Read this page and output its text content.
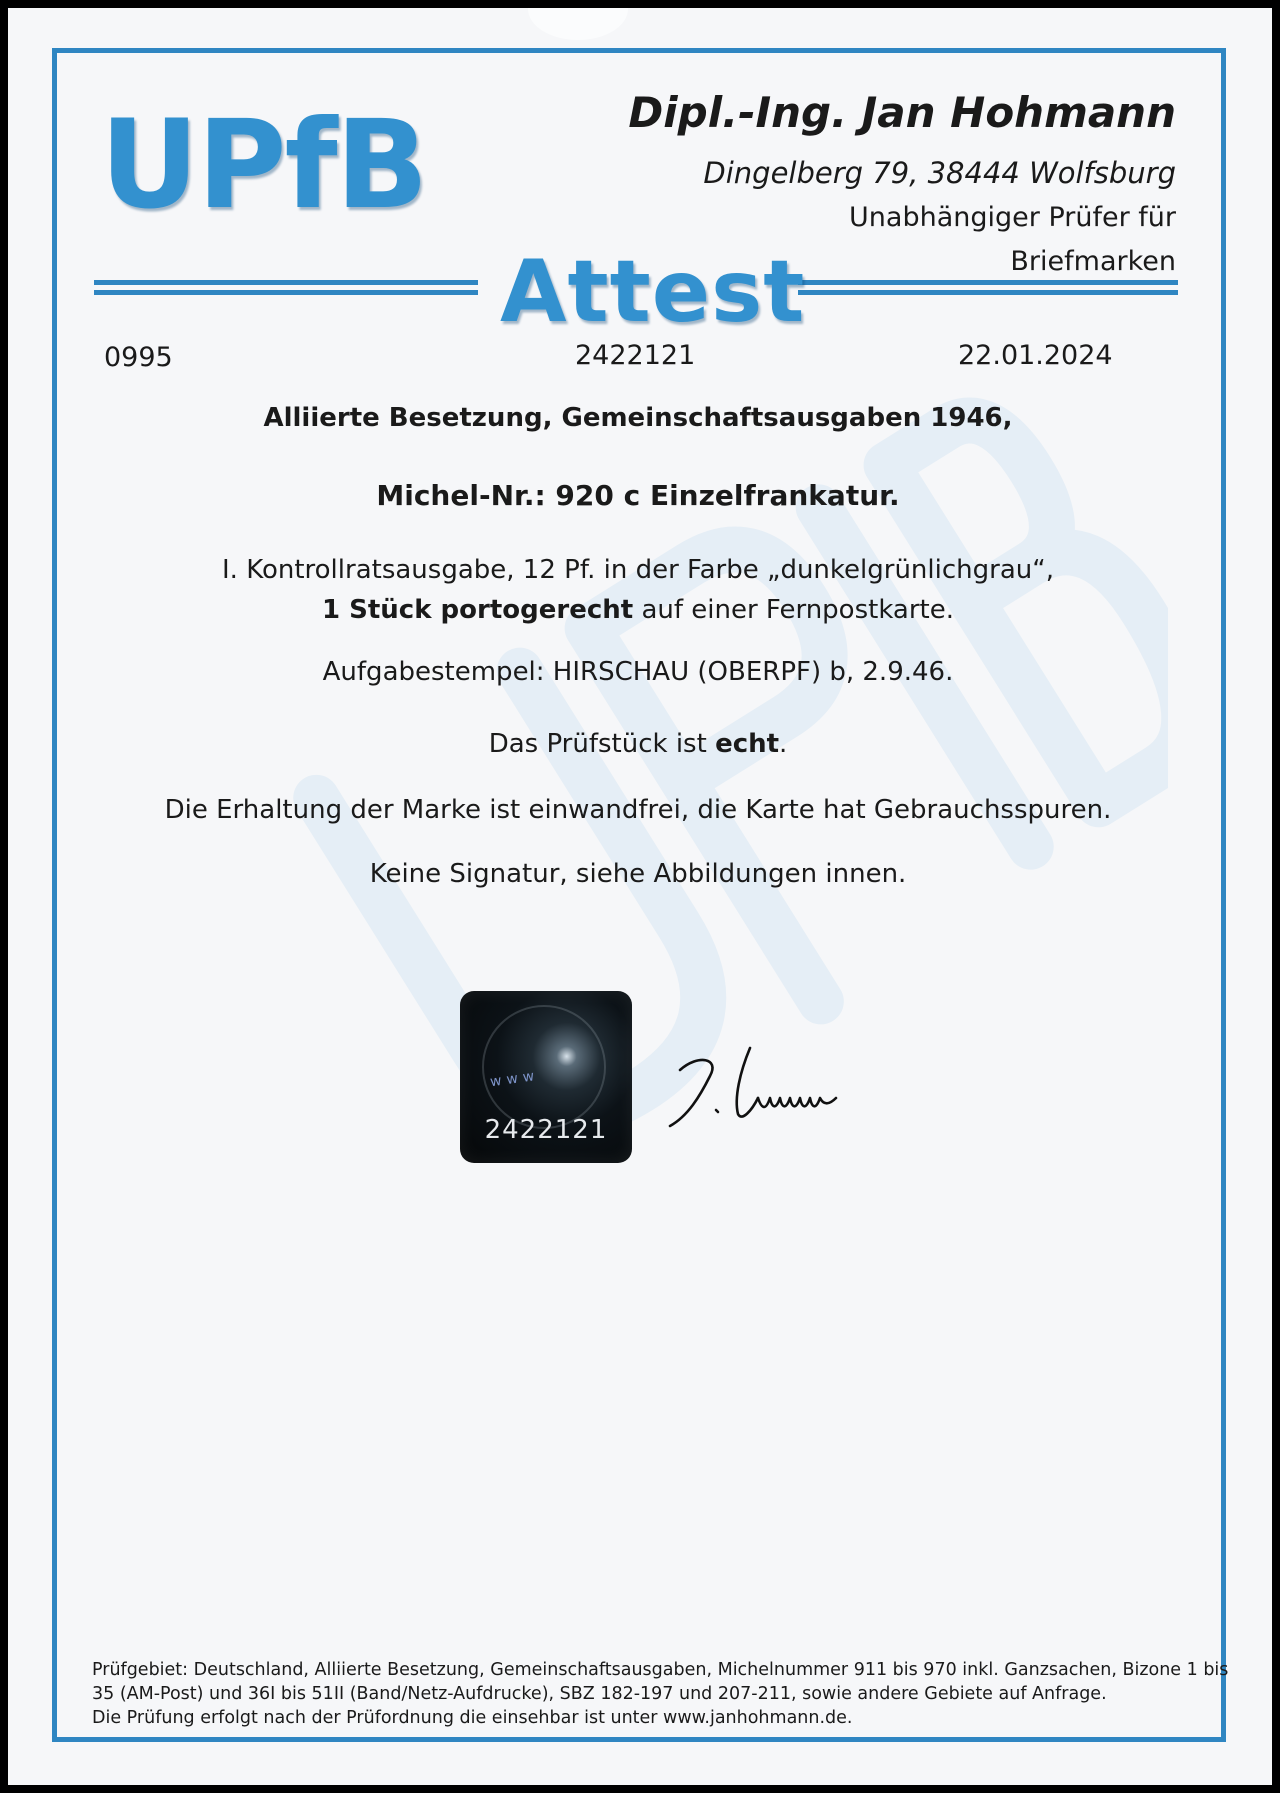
UPfB	Dipl.-Ing. Jan Hohmann
Dingelberg 79, 38444 Wolfsburg
Unabhängiger Prüfer für
Briefmarken
Attest
0995	2422121	22.01.2024
Alliierte Besetzung, Gemeinschaftsausgaben 1946,
Michel-Nr.: 920 c Einzelfrankatur.
I. Kontrollratsausgabe, 12 Pf. in der Farbe „dunkelgrünlichgrau“,
1 Stück portogerecht auf einer Fernpostkarte.
Aufgabestempel: HIRSCHAU (OBERPF) b, 2.9.46.
Das Prüfstück ist echt.
Die Erhaltung der Marke ist einwandfrei, die Karte hat Gebrauchsspuren.
Keine Signatur, siehe Abbildungen innen.
www
2422121
Prüfgebiet: Deutschland, Alliierte Besetzung, Gemeinschaftsausgaben, Michelnummer 911 bis 970 inkl. Ganzsachen, Bizone 1 bis
35 (AM-Post) und 36I bis 51II (Band/Netz-Aufdrucke), SBZ 182-197 und 207-211, sowie andere Gebiete auf Anfrage.
Die Prüfung erfolgt nach der Prüfordnung die einsehbar ist unter www.janhohmann.de.
